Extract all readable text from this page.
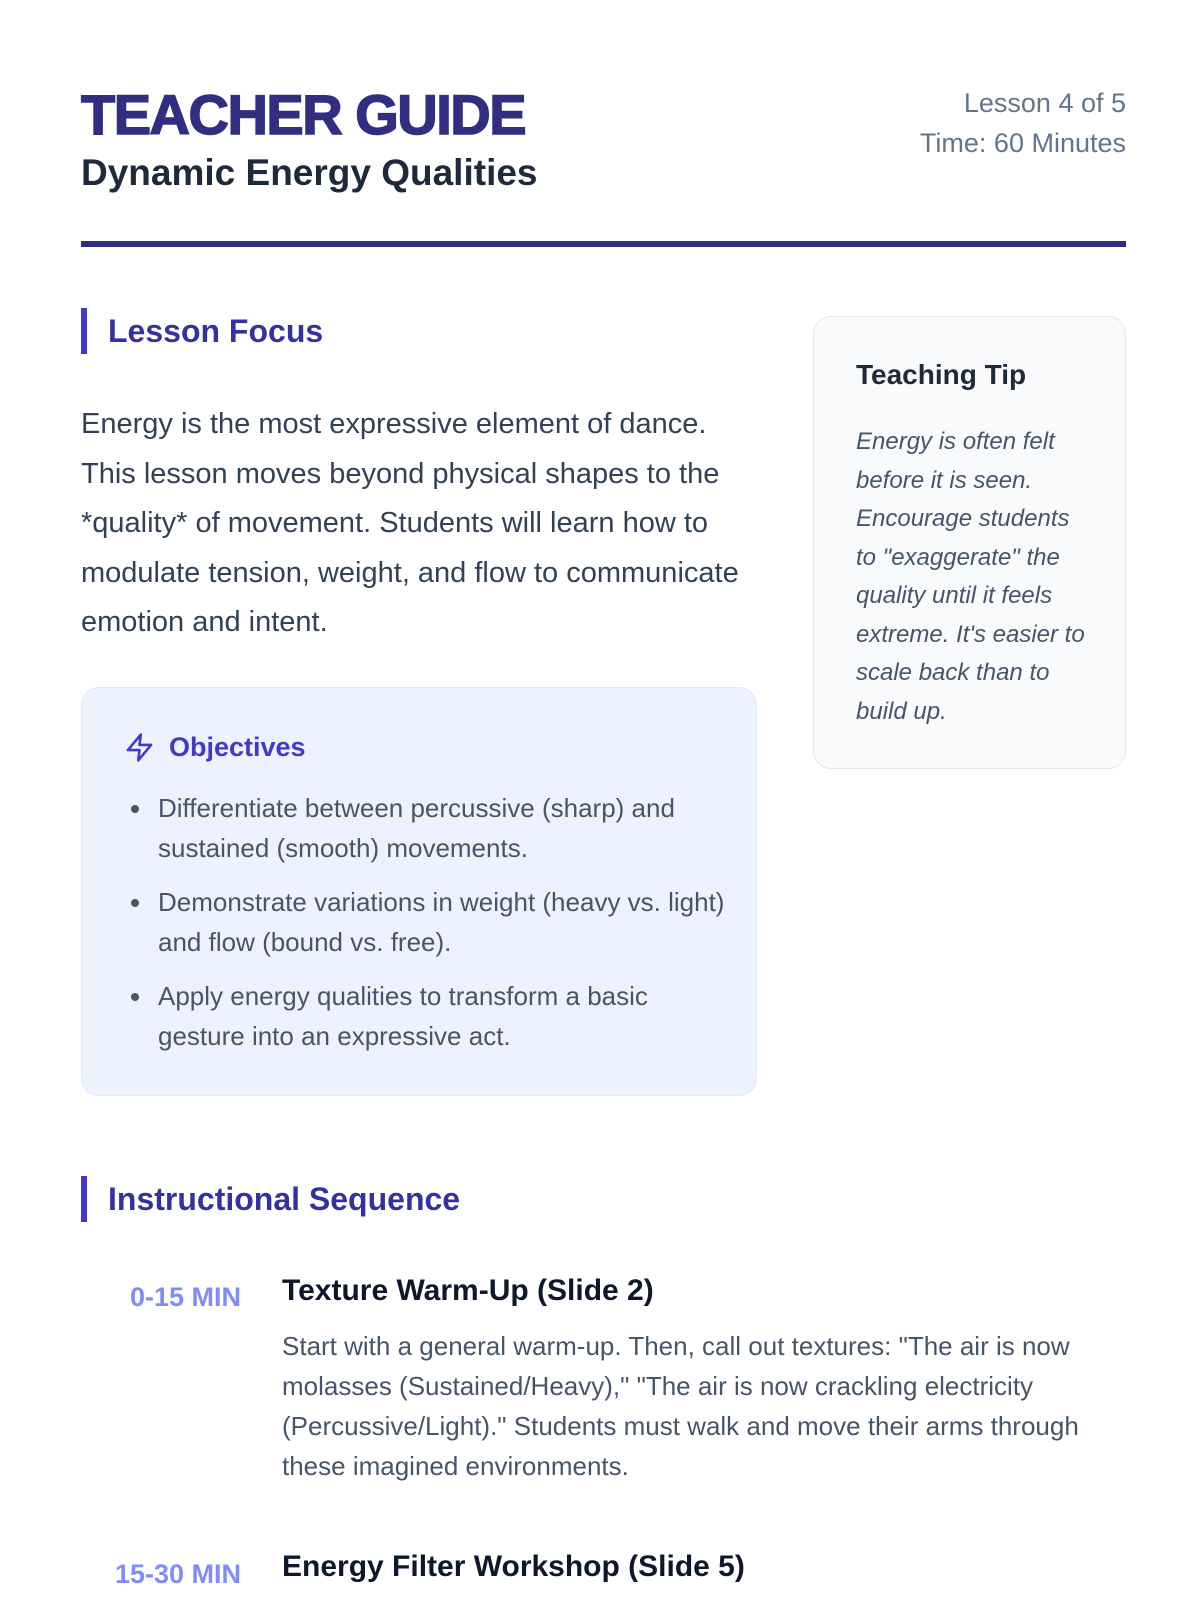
TEACHER GUIDE
Dynamic Energy Qualities
Lesson 4 of 5
Time: 60 Minutes
Lesson Focus
Energy is the most expressive element of dance. This lesson moves beyond physical shapes to the *quality* of movement. Students will learn how to modulate tension, weight, and flow to communicate emotion and intent.
Objectives
Differentiate between percussive (sharp) and sustained (smooth) movements.
Demonstrate variations in weight (heavy vs. light) and flow (bound vs. free).
Apply energy qualities to transform a basic gesture into an expressive act.
Teaching Tip
Energy is often felt before it is seen. Encourage students to "exaggerate" the quality until it feels extreme. It's easier to scale back than to build up.
Instructional Sequence
0-15 MIN Texture Warm-Up (Slide 2)
Start with a general warm-up. Then, call out textures: "The air is now molasses (Sustained/Heavy)," "The air is now crackling electricity (Percussive/Light)." Students must walk and move their arms through these imagined environments.
15-30 MIN Energy Filter Workshop (Slide 5)
